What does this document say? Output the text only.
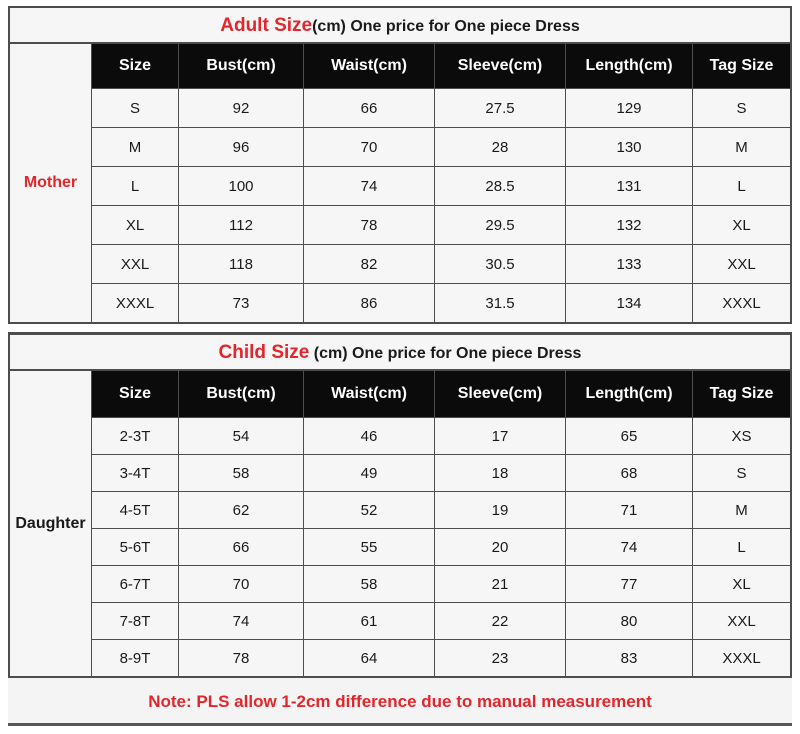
Adult Size(cm) One price for One piece Dress
Mother
Size	Bust(cm)	Waist(cm)	Sleeve(cm)	Length(cm)	Tag Size
S	92	66	27.5	129	S
M	96	70	28	130	M
L	100	74	28.5	131	L
XL	112	78	29.5	132	XL
XXL	118	82	30.5	133	XXL
XXXL	73	86	31.5	134	XXXL
Child Size (cm) One price for One piece Dress
Daughter
Size	Bust(cm)	Waist(cm)	Sleeve(cm)	Length(cm)	Tag Size
2-3T	54	46	17	65	XS
3-4T	58	49	18	68	S
4-5T	62	52	19	71	M
5-6T	66	55	20	74	L
6-7T	70	58	21	77	XL
7-8T	74	61	22	80	XXL
8-9T	78	64	23	83	XXXL
Note: PLS allow 1-2cm difference due to manual measurement
